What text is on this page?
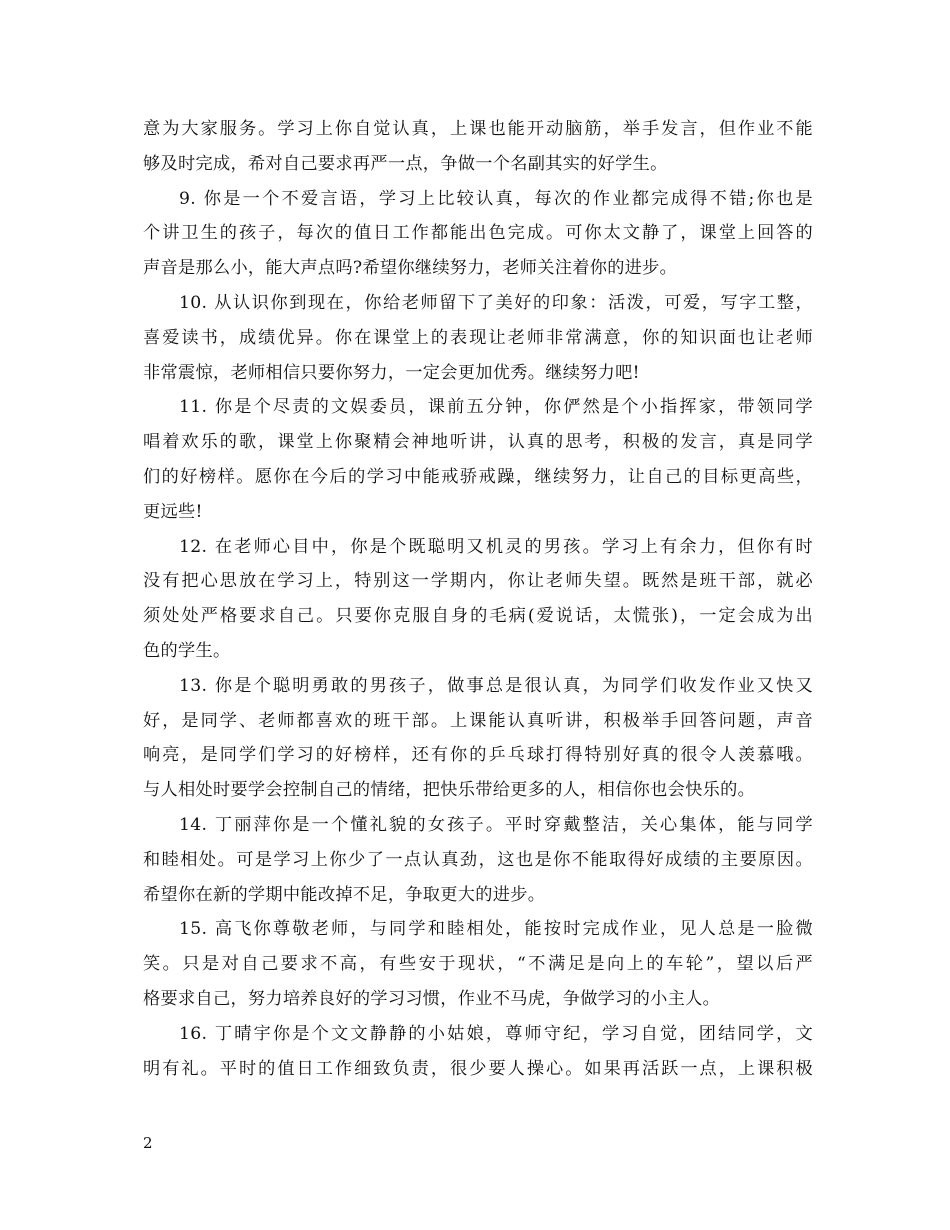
意为大家服务。学习上你自觉认真，上课也能开动脑筋，举手发言，但作业不能
够及时完成，希对自己要求再严一点，争做一个名副其实的好学生。
9. 你是一个不爱言语，学习上比较认真，每次的作业都完成得不错;你也是
个讲卫生的孩子，每次的值日工作都能出色完成。可你太文静了，课堂上回答的
声音是那么小，能大声点吗?希望你继续努力，老师关注着你的进步。
10. 从认识你到现在，你给老师留下了美好的印象：活泼，可爱，写字工整，
喜爱读书，成绩优异。你在课堂上的表现让老师非常满意，你的知识面也让老师
非常震惊，老师相信只要你努力，一定会更加优秀。继续努力吧!
11. 你是个尽责的文娱委员，课前五分钟，你俨然是个小指挥家，带领同学
唱着欢乐的歌，课堂上你聚精会神地听讲，认真的思考，积极的发言，真是同学
们的好榜样。愿你在今后的学习中能戒骄戒躁，继续努力，让自己的目标更高些，
更远些!
12. 在老师心目中，你是个既聪明又机灵的男孩。学习上有余力，但你有时
没有把心思放在学习上，特别这一学期内，你让老师失望。既然是班干部，就必
须处处严格要求自己。只要你克服自身的毛病(爱说话，太慌张)，一定会成为出
色的学生。
13. 你是个聪明勇敢的男孩子，做事总是很认真，为同学们收发作业又快又
好，是同学、老师都喜欢的班干部。上课能认真听讲，积极举手回答问题，声音
响亮，是同学们学习的好榜样，还有你的乒乓球打得特别好真的很令人羡慕哦。
与人相处时要学会控制自己的情绪，把快乐带给更多的人，相信你也会快乐的。
14. 丁丽萍你是一个懂礼貌的女孩子。平时穿戴整洁，关心集体，能与同学
和睦相处。可是学习上你少了一点认真劲，这也是你不能取得好成绩的主要原因。
希望你在新的学期中能改掉不足，争取更大的进步。
15. 高飞你尊敬老师，与同学和睦相处，能按时完成作业，见人总是一脸微
笑。只是对自己要求不高，有些安于现状，“不满足是向上的车轮”，望以后严
格要求自己，努力培养良好的学习习惯，作业不马虎，争做学习的小主人。
16. 丁晴宇你是个文文静静的小姑娘，尊师守纪，学习自觉，团结同学，文
明有礼。平时的值日工作细致负责，很少要人操心。如果再活跃一点，上课积极
2
